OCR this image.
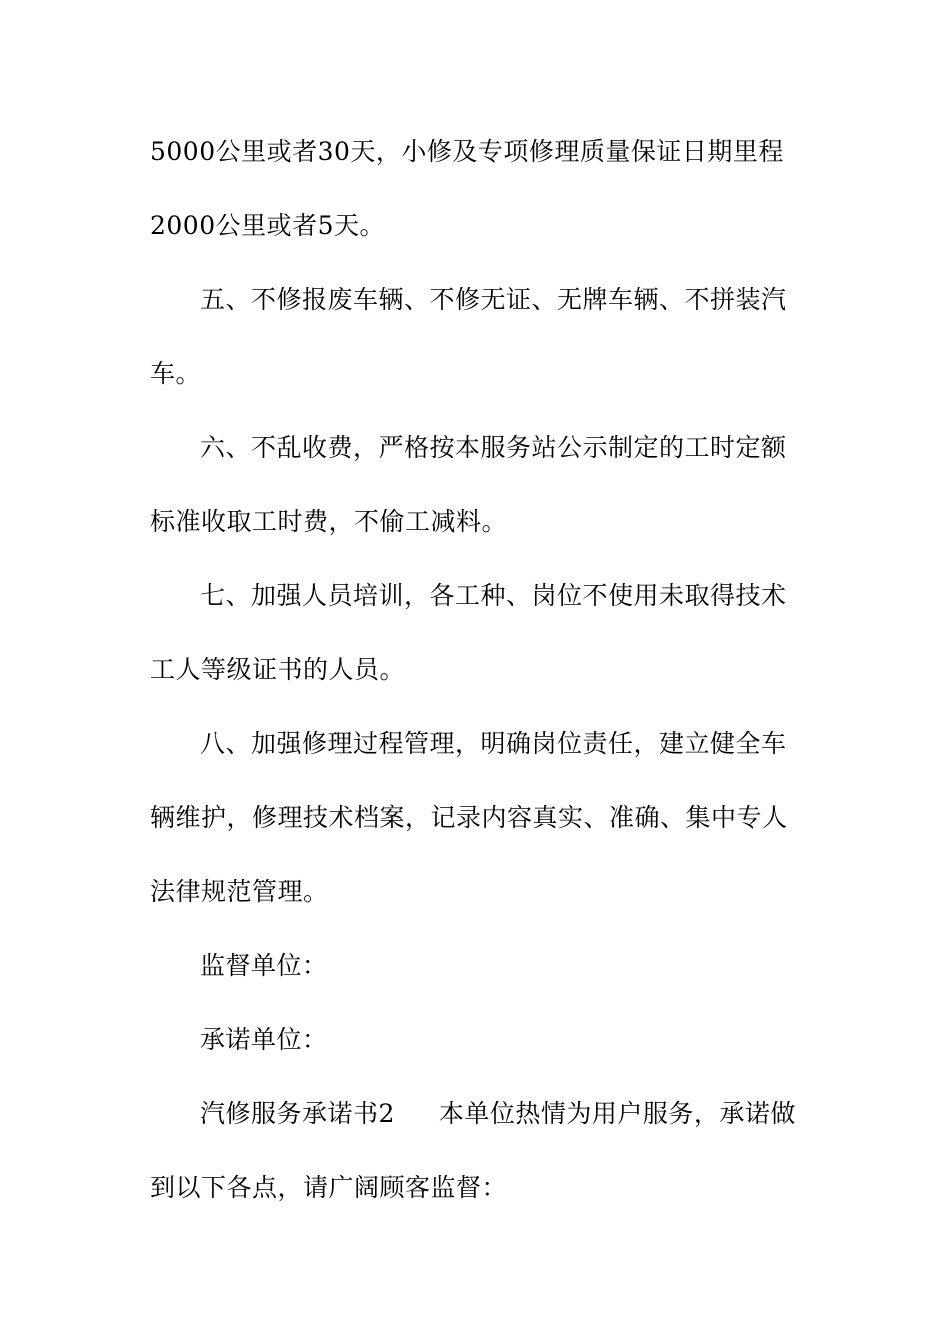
5000公里或者30天，小修及专项修理质量保证日期里程
2000公里或者5天。
五、不修报废车辆、不修无证、无牌车辆、不拼装汽
车。
六、不乱收费，严格按本服务站公示制定的工时定额
标准收取工时费，不偷工减料。
七、加强人员培训，各工种、岗位不使用未取得技术
工人等级证书的人员。
八、加强修理过程管理，明确岗位责任，建立健全车
辆维护，修理技术档案，记录内容真实、准确、集中专人
法律规范管理。
监督单位：
承诺单位：
汽修服务承诺书2 本单位热情为用户服务，承诺做
到以下各点，请广阔顾客监督：
